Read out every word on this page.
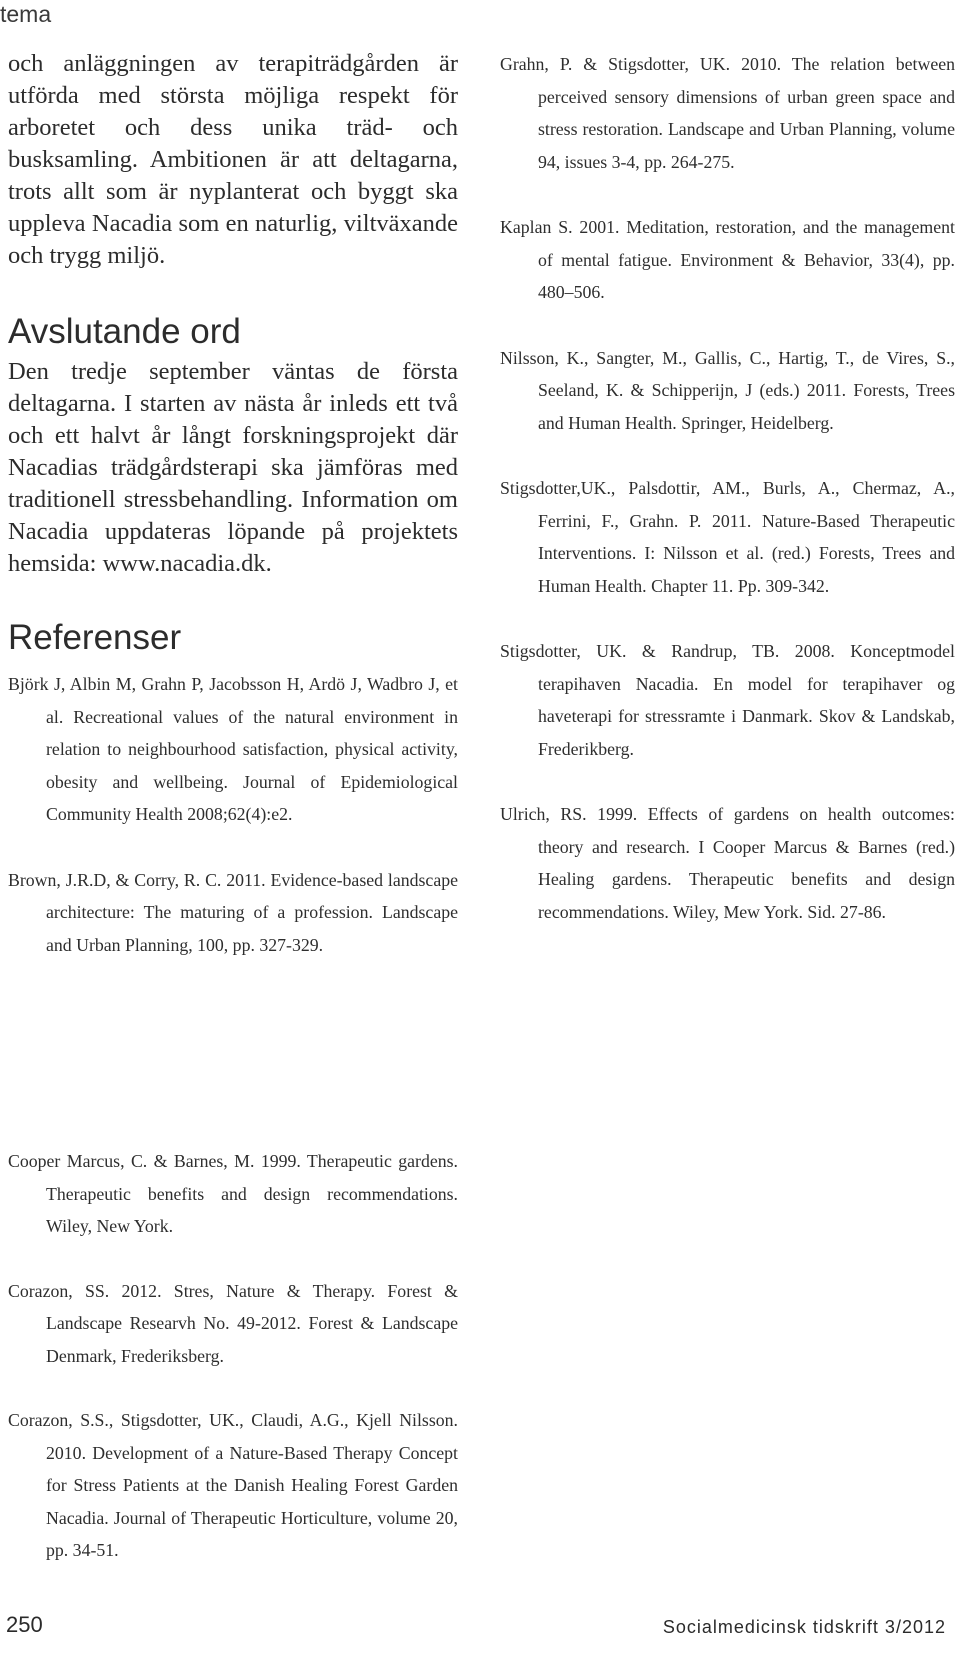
tema

och anläggningen av terapiträdgården är utförda med största möjliga respekt för arboretet och dess unika träd- och busksamling. Ambitionen är att deltagarna, trots allt som är nyplanterat och byggt ska uppleva Nacadia som en naturlig, viltväxande och trygg miljö.

Avslutande ord

Den tredje september väntas de första deltagarna. I starten av nästa år inleds ett två och ett halvt år långt forskningsprojekt där Nacadias trädgårdsterapi ska jämföras med traditionell stressbehandling. Information om Nacadia uppdateras löpande på projektets hemsida: www.nacadia.dk.

Referenser

Björk J, Albin M, Grahn P, Jacobsson H, Ardö J, Wadbro J, et al. Recreational values of the natural environment in relation to neighbourhood satisfaction, physical activity, obesity and wellbeing. Journal of Epidemiological Community Health 2008;62(4):e2.

Brown, J.R.D, & Corry, R. C. 2011. Evidence-based landscape architecture: The maturing of a profession. Landscape and Urban Planning, 100, pp. 327-329.

Grahn, P. & Stigsdotter, UK. 2010. The relation between perceived sensory dimensions of urban green space and stress restoration. Landscape and Urban Planning, volume 94, issues 3-4, pp. 264-275.

Kaplan S. 2001. Meditation, restoration, and the management of mental fatigue. Environment & Behavior, 33(4), pp. 480–506.

Nilsson, K., Sangter, M., Gallis, C., Hartig, T., de Vires, S., Seeland, K. & Schipperijn, J (eds.) 2011. Forests, Trees and Human Health. Springer, Heidelberg.

Stigsdotter,UK., Palsdottir, AM., Burls, A., Chermaz, A., Ferrini, F., Grahn. P. 2011. Nature-Based Therapeutic Interventions. I: Nilsson et al. (red.) Forests, Trees and Human Health. Chapter 11. Pp. 309-342.

Stigsdotter, UK. & Randrup, TB. 2008. Konceptmodel terapihaven Nacadia. En model for terapihaver og haveterapi for stressramte i Danmark. Skov & Landskab, Frederikberg.

Ulrich, RS. 1999. Effects of gardens on health outcomes: theory and research. I Cooper Marcus & Barnes (red.) Healing gardens. Therapeutic benefits and design recommendations. Wiley, Mew York. Sid. 27-86.

Cooper Marcus, C. & Barnes, M. 1999. Therapeutic gardens. Therapeutic benefits and design recommendations. Wiley, New York.

Corazon, SS. 2012. Stres, Nature & Therapy. Forest & Landscape Researvh No. 49-2012. Forest & Landscape Denmark, Frederiksberg.

Corazon, S.S., Stigsdotter, UK., Claudi, A.G., Kjell Nilsson. 2010. Development of a Nature-Based Therapy Concept for Stress Patients at the Danish Healing Forest Garden Nacadia. Journal of Therapeutic Horticulture, volume 20, pp. 34-51.

250	Socialmedicinsk tidskrift 3/2012
